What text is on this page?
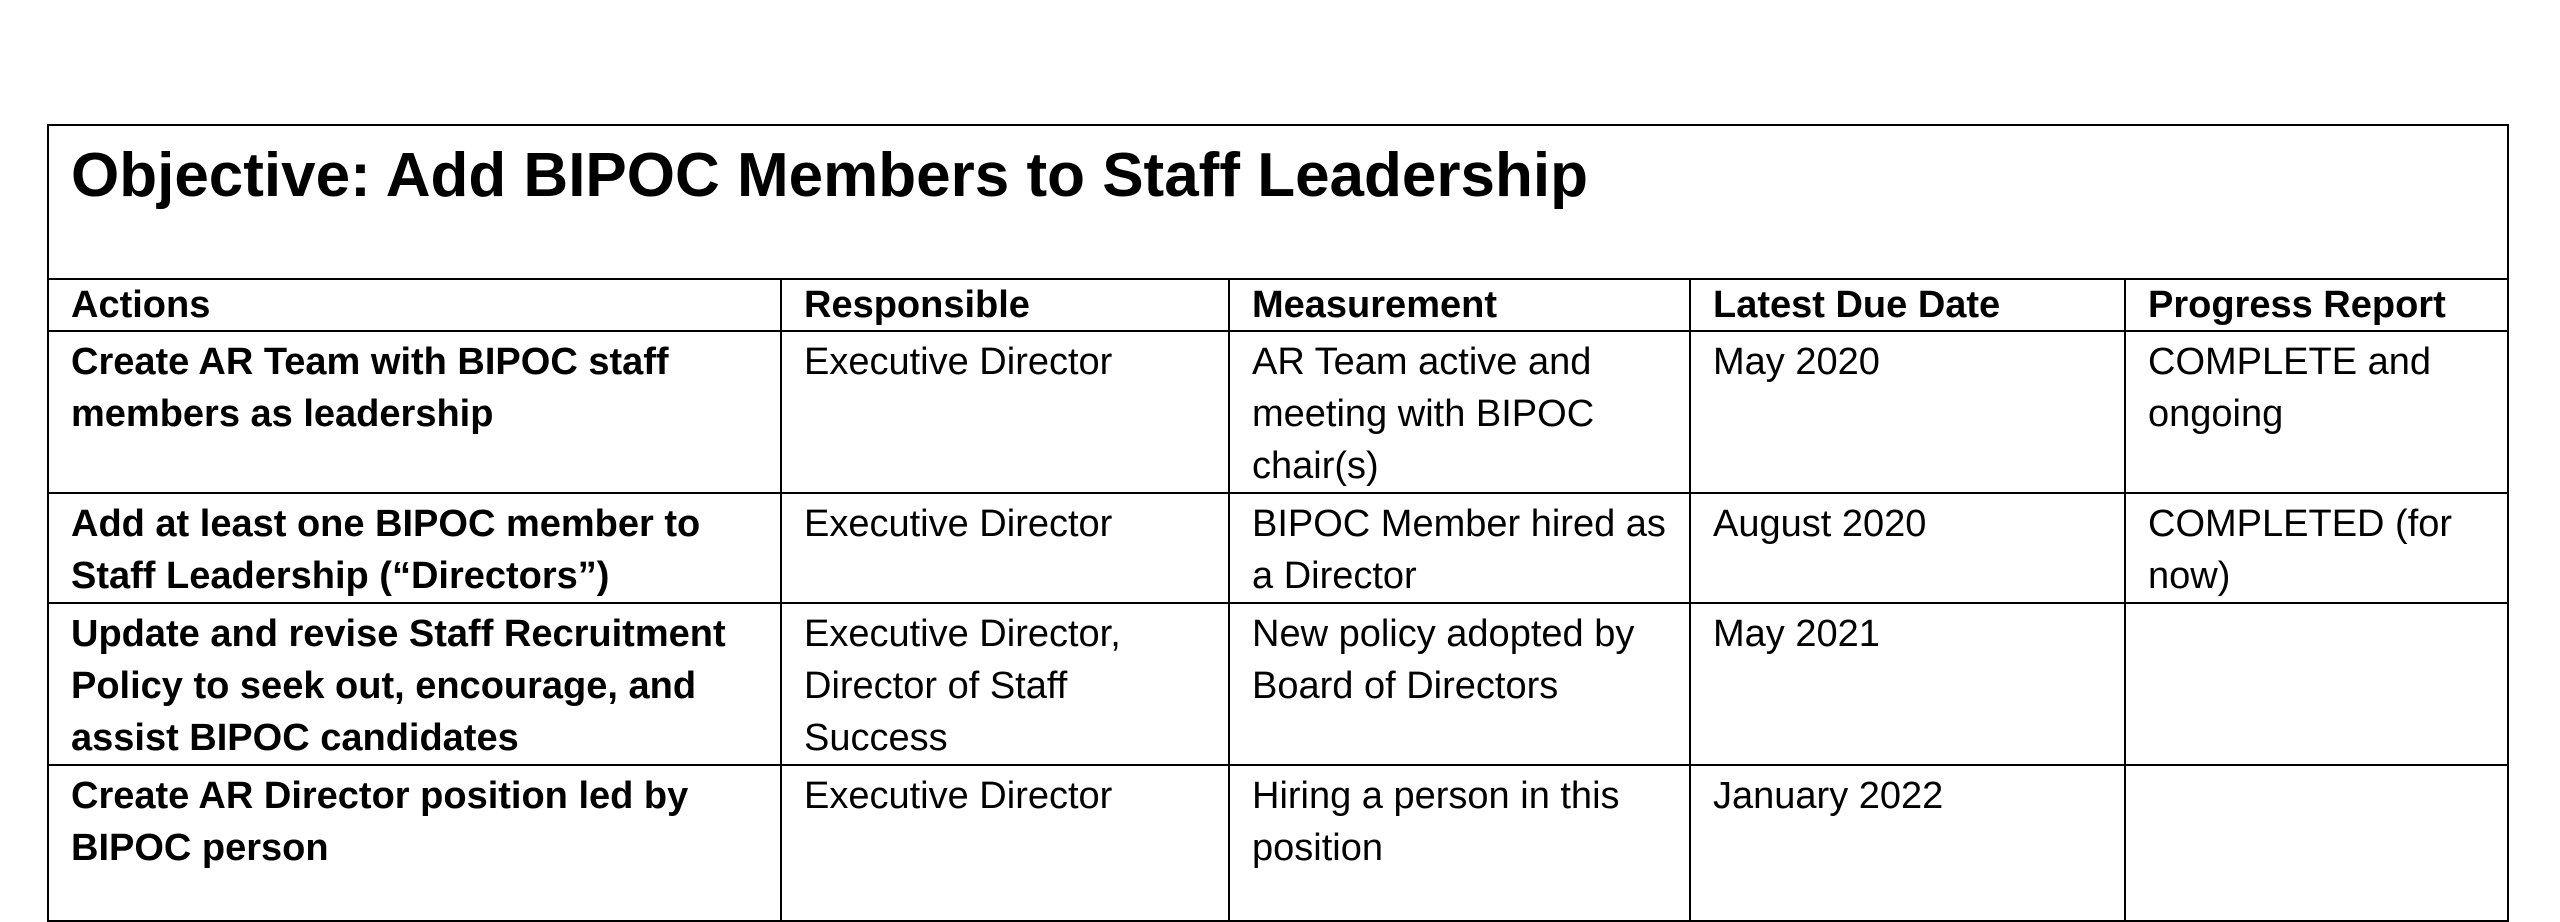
Objective: Add BIPOC Members to Staff Leadership				

Actions	Responsible	Measurement	Latest Due Date	Progress Report
Create AR Team with BIPOC staff members as leadership	Executive Director	AR Team active and meeting with BIPOC chair(s)	May 2020	COMPLETE and ongoing
Add at least one BIPOC member to Staff Leadership (“Directors”)	Executive Director	BIPOC Member hired as a Director	August 2020	COMPLETED (for now)
Update and revise Staff Recruitment Policy to seek out, encourage, and assist BIPOC candidates	Executive Director, Director of Staff Success	New policy adopted by Board of Directors	May 2021	
Create AR Director position led by BIPOC person	Executive Director	Hiring a person in this position	January 2022	
